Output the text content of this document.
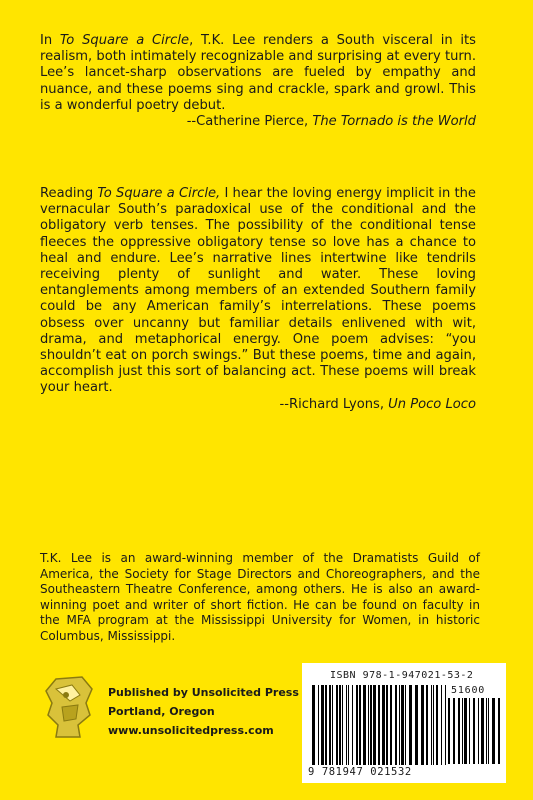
In To Square a Circle, T.K. Lee renders a South visceral in its realism, both intimately recognizable and surprising at every turn. Lee’s lancet-sharp observations are fueled by empathy and nuance, and these poems sing and crackle, spark and growl. This is a wonderful poetry debut.

--Catherine Pierce, The Tornado is the World

Reading To Square a Circle, I hear the loving energy implicit in the vernacular South’s paradoxical use of the conditional and the obligatory verb tenses. The possibility of the conditional tense fleeces the oppressive obligatory tense so love has a chance to heal and endure. Lee’s narrative lines intertwine like tendrils receiving plenty of sunlight and water. These loving entanglements among members of an extended Southern family could be any American family’s interrelations. These poems obsess over uncanny but familiar details enlivened with wit, drama, and metaphorical energy. One poem advises: “you shouldn’t eat on porch swings.” But these poems, time and again, accomplish just this sort of balancing act. These poems will break your heart.

--Richard Lyons, Un Poco Loco

T.K. Lee is an award-winning member of the Dramatists Guild of America, the Society for Stage Directors and Choreographers, and the Southeastern Theatre Conference, among others. He is also an award-winning poet and writer of short fiction. He can be found on faculty in the MFA program at the Mississippi University for Women, in historic Columbus, Mississippi.

Published by Unsolicited Press
Portland, Oregon
www.unsolicitedpress.com
ISBN 978-1-947021-53-2
51600
9 781947 021532
